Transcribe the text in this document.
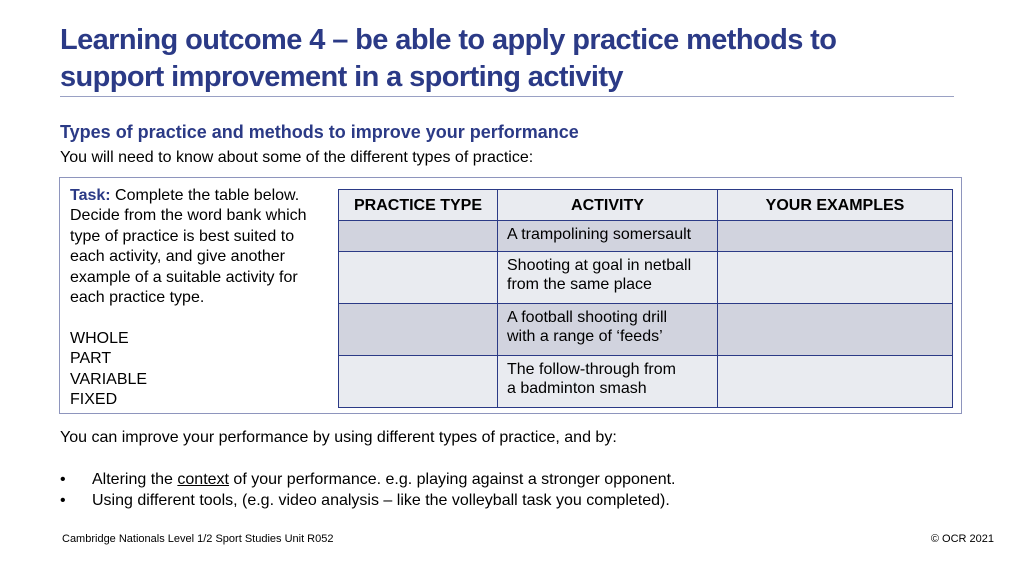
Learning outcome 4 – be able to apply practice methods to
support improvement in a sporting activity
Types of practice and methods to improve your performance
You will need to know about some of the different types of practice:
Task: Complete the table below. Decide from the word bank which type of practice is best suited to each activity, and give another example of a suitable activity for each practice type.
WHOLE
PART
VARIABLE
FIXED
PRACTICE TYPE	ACTIVITY	YOUR EXAMPLES

	A trampolining somersault	

	Shooting at goal in netball
from the same place	

	A football shooting drill
with a range of ‘feeds’	

	The follow-through from
a badminton smash	

You can improve your performance by using different types of practice, and by:
• Altering the context of your performance. e.g. playing against a stronger opponent.
• Using different tools, (e.g. video analysis – like the volleyball task you completed).
Cambridge Nationals Level 1/2 Sport Studies Unit R052	© OCR 2021
